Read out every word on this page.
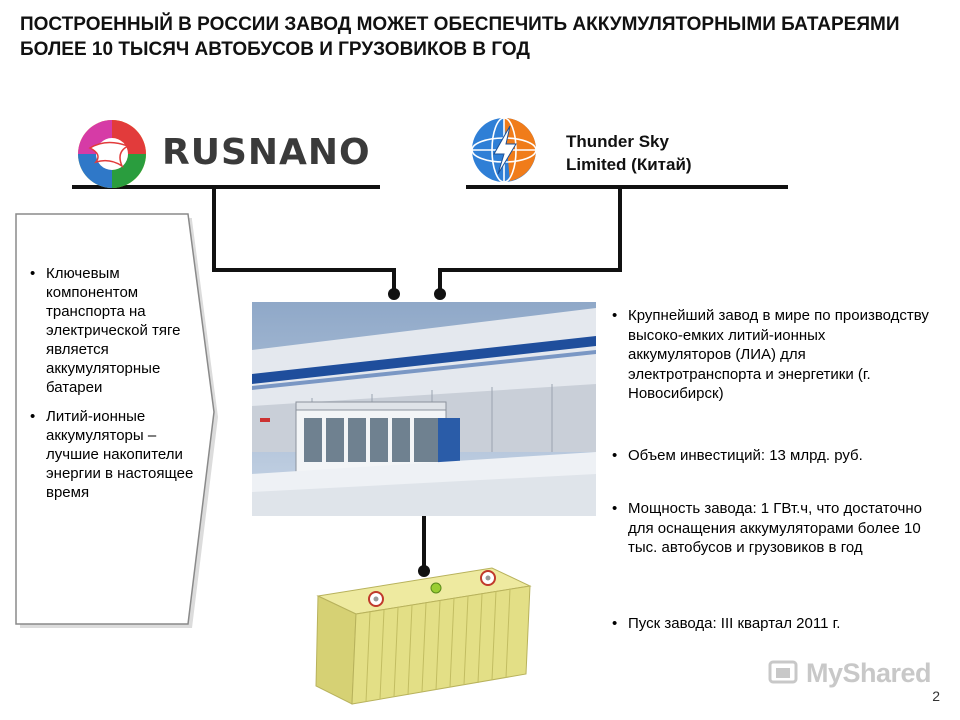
ПОСТРОЕННЫЙ В РОССИИ ЗАВОД МОЖЕТ ОБЕСПЕЧИТЬ АККУМУЛЯТОРНЫМИ БАТАРЕЯМИ БОЛЕЕ 10 ТЫСЯЧ АВТОБУСОВ И ГРУЗОВИКОВ В ГОД
RUSNANO	Thunder Sky
Limited (Китай)
• Ключевым компонентом транспорта на электрической тяге является аккумуляторные батареи
• Литий-ионные аккумуляторы – лучшие накопители энергии в настоящее время
• Крупнейший завод в мире по производству высоко-емких литий-ионных аккумуляторов (ЛИА) для электротранспорта и энергетики (г. Новосибирск)
• Объем инвестиций: 13 млрд. руб.
• Мощность завода: 1 ГВт.ч, что достаточно для оснащения аккумуляторами более 10 тыс. автобусов и грузовиков в год
• Пуск завода: III квартал 2011 г.
MyShared
2
